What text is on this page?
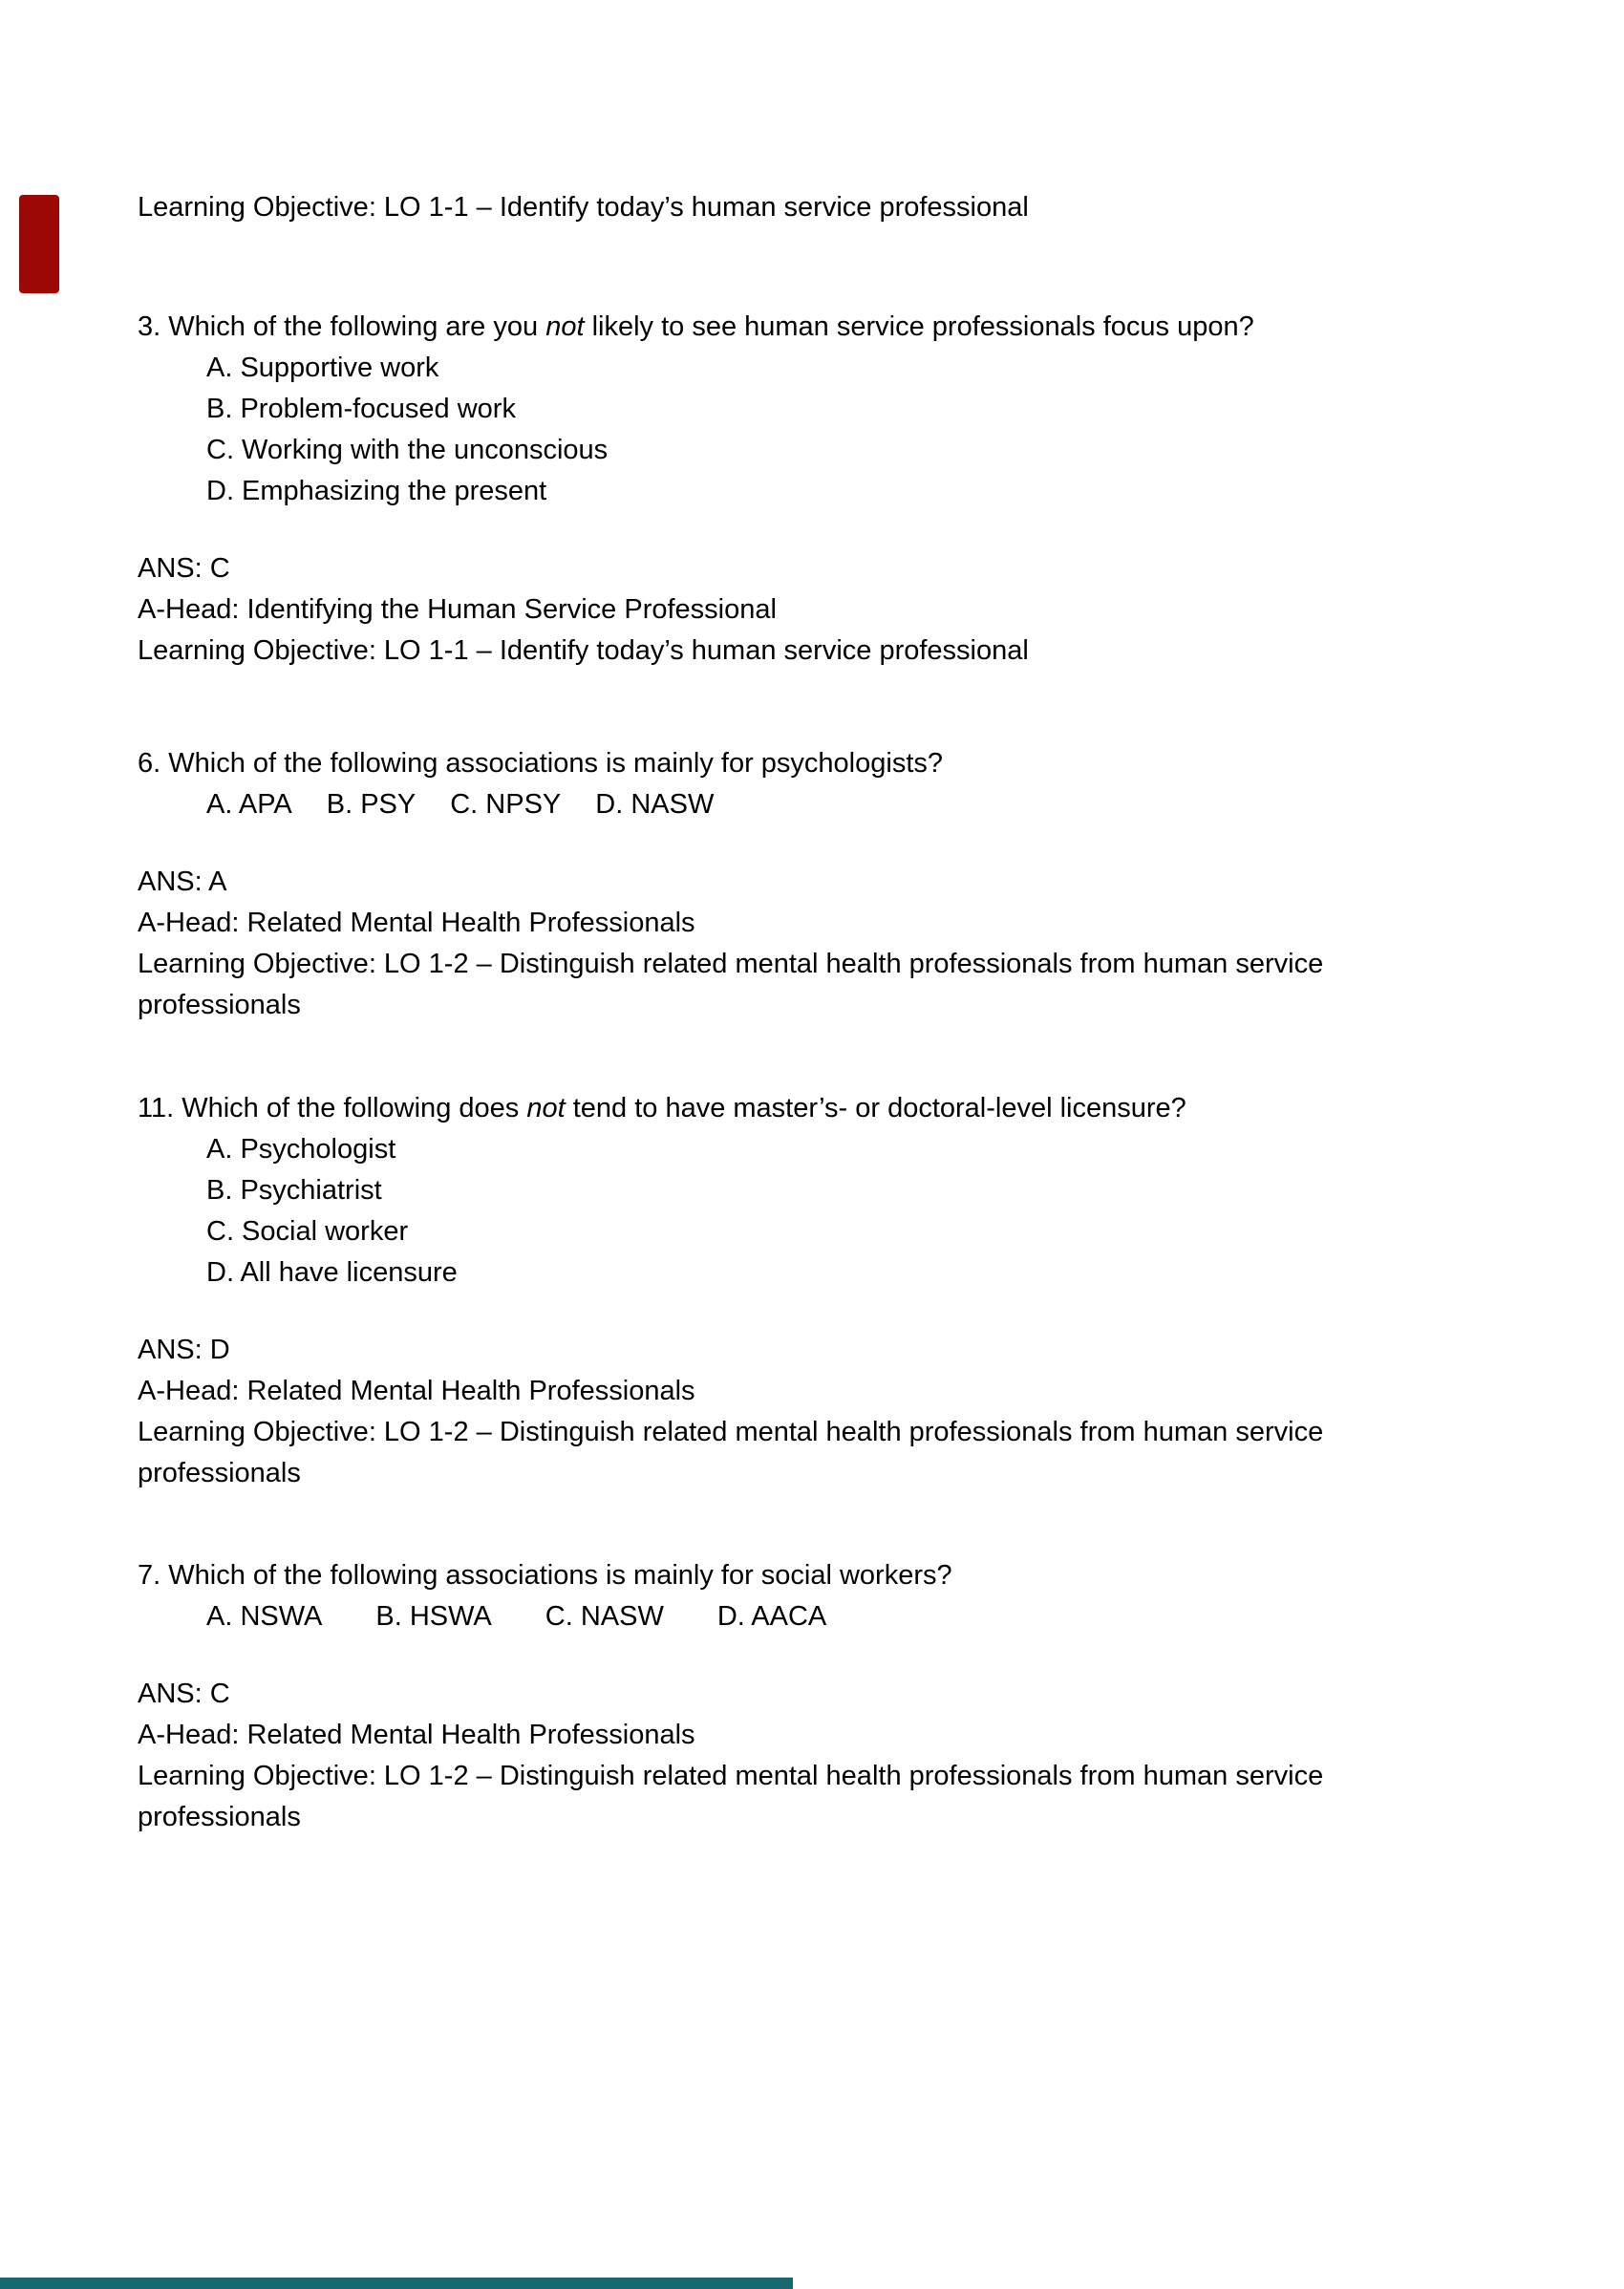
Learning Objective: LO 1-1 – Identify today’s human service professional

3. Which of the following are you not likely to see human service professionals focus upon?

A. Supportive work

B. Problem-focused work

C. Working with the unconscious

D. Emphasizing the present

ANS: C

A-Head: Identifying the Human Service Professional

Learning Objective: LO 1-1 – Identify today’s human service professional

6. Which of the following associations is mainly for psychologists?

A. APA B. PSY C. NPSY D. NASW

ANS: A

A-Head: Related Mental Health Professionals

Learning Objective: LO 1-2 – Distinguish related mental health professionals from human service professionals

11. Which of the following does not tend to have master’s- or doctoral-level licensure?

A. Psychologist

B. Psychiatrist

C. Social worker

D. All have licensure

ANS: D

A-Head: Related Mental Health Professionals

Learning Objective: LO 1-2 – Distinguish related mental health professionals from human service professionals

7. Which of the following associations is mainly for social workers?

A. NSWA B. HSWA C. NASW D. AACA

ANS: C

A-Head: Related Mental Health Professionals

Learning Objective: LO 1-2 – Distinguish related mental health professionals from human service professionals
